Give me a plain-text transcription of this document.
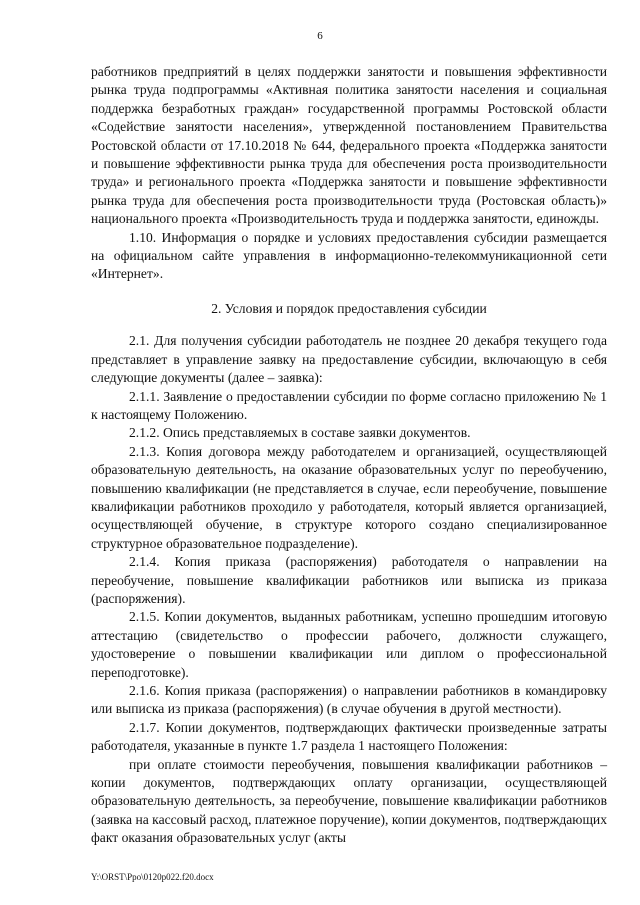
6

работников предприятий в целях поддержки занятости и повышения эффективности рынка труда подпрограммы «Активная политика занятости населения и социальная поддержка безработных граждан» государственной программы Ростовской области «Содействие занятости населения», утвержденной постановлением Правительства Ростовской области от 17.10.2018 № 644, федерального проекта «Поддержка занятости и повышение эффективности рынка труда для обеспечения роста производительности труда» и регионального проекта «Поддержка занятости и повышение эффективности рынка труда для обеспечения роста производительности труда (Ростовская область)» национального проекта «Производительность труда и поддержка занятости, единожды.

1.10. Информация о порядке и условиях предоставления субсидии размещается на официальном сайте управления в информационно-телекоммуникационной сети «Интернет».

2. Условия и порядок предоставления субсидии

2.1. Для получения субсидии работодатель не позднее 20 декабря текущего года представляет в управление заявку на предоставление субсидии, включающую в себя следующие документы (далее – заявка):

2.1.1. Заявление о предоставлении субсидии по форме согласно приложению № 1 к настоящему Положению.

2.1.2. Опись представляемых в составе заявки документов.

2.1.3. Копия договора между работодателем и организацией, осуществляющей образовательную деятельность, на оказание образовательных услуг по переобучению, повышению квалификации (не представляется в случае, если переобучение, повышение квалификации работников проходило у работодателя, который является организацией, осуществляющей обучение, в структуре которого создано специализированное структурное образовательное подразделение).

2.1.4. Копия приказа (распоряжения) работодателя о направлении на переобучение, повышение квалификации работников или выписка из приказа (распоряжения).

2.1.5. Копии документов, выданных работникам, успешно прошедшим итоговую аттестацию (свидетельство о профессии рабочего, должности служащего, удостоверение о повышении квалификации или диплом о профессиональной переподготовке).

2.1.6. Копия приказа (распоряжения) о направлении работников в командировку или выписка из приказа (распоряжения) (в случае обучения в другой местности).

2.1.7. Копии документов, подтверждающих фактически произведенные затраты работодателя, указанные в пункте 1.7 раздела 1 настоящего Положения:

при оплате стоимости переобучения, повышения квалификации работников – копии документов, подтверждающих оплату организации, осуществляющей образовательную деятельность, за переобучение, повышение квалификации работников (заявка на кассовый расход, платежное поручение), копии документов, подтверждающих факт оказания образовательных услуг (акты

Y:\ORST\Ppo\0120p022.f20.docx
